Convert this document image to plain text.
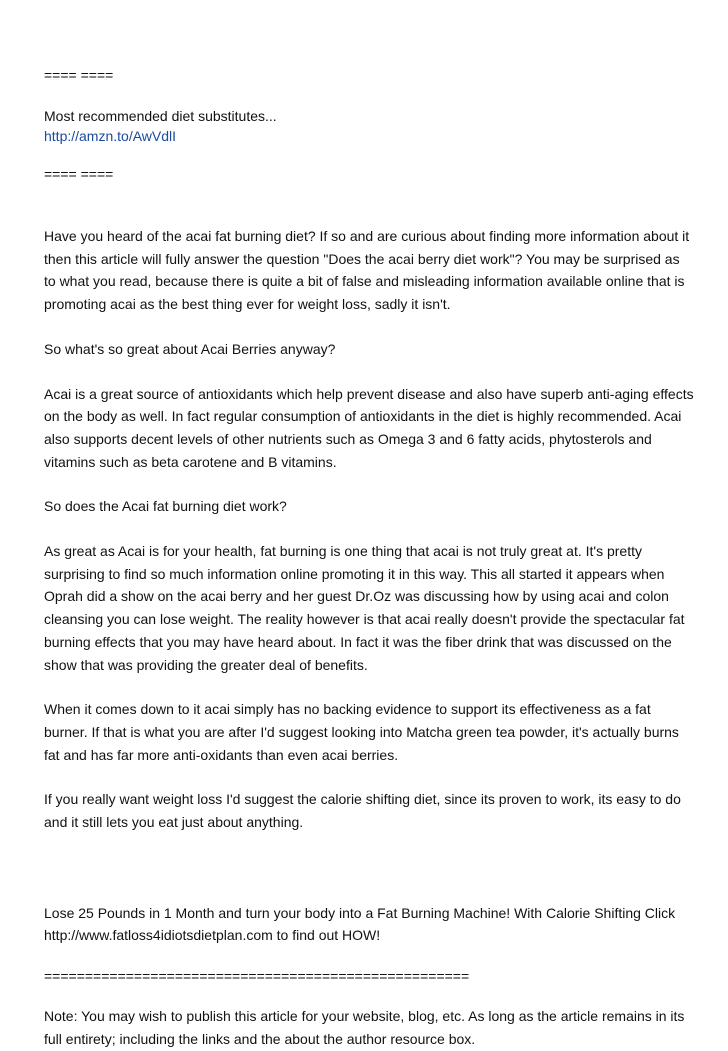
==== ====

Most recommended diet substitutes...

http://amzn.to/AwVdlI

==== ====

Have you heard of the acai fat burning diet? If so and are curious about finding more information about it then this article will fully answer the question "Does the acai berry diet work"? You may be surprised as to what you read, because there is quite a bit of false and misleading information available online that is promoting acai as the best thing ever for weight loss, sadly it isn't.

So what's so great about Acai Berries anyway?

Acai is a great source of antioxidants which help prevent disease and also have superb anti-aging effects on the body as well. In fact regular consumption of antioxidants in the diet is highly recommended. Acai also supports decent levels of other nutrients such as Omega 3 and 6 fatty acids, phytosterols and vitamins such as beta carotene and B vitamins.

So does the Acai fat burning diet work?

As great as Acai is for your health, fat burning is one thing that acai is not truly great at. It's pretty surprising to find so much information online promoting it in this way. This all started it appears when Oprah did a show on the acai berry and her guest Dr.Oz was discussing how by using acai and colon cleansing you can lose weight. The reality however is that acai really doesn't provide the spectacular fat burning effects that you may have heard about. In fact it was the fiber drink that was discussed on the show that was providing the greater deal of benefits.

When it comes down to it acai simply has no backing evidence to support its effectiveness as a fat burner. If that is what you are after I'd suggest looking into Matcha green tea powder, it's actually burns fat and has far more anti-oxidants than even acai berries.

If you really want weight loss I'd suggest the calorie shifting diet, since its proven to work, its easy to do and it still lets you eat just about anything.

Lose 25 Pounds in 1 Month and turn your body into a Fat Burning Machine! With Calorie Shifting Click http://www.fatloss4idiotsdietplan.com to find out HOW!

====================================================

Note: You may wish to publish this article for your website, blog, etc. As long as the article remains in its full entirety; including the links and the about the author resource box.
